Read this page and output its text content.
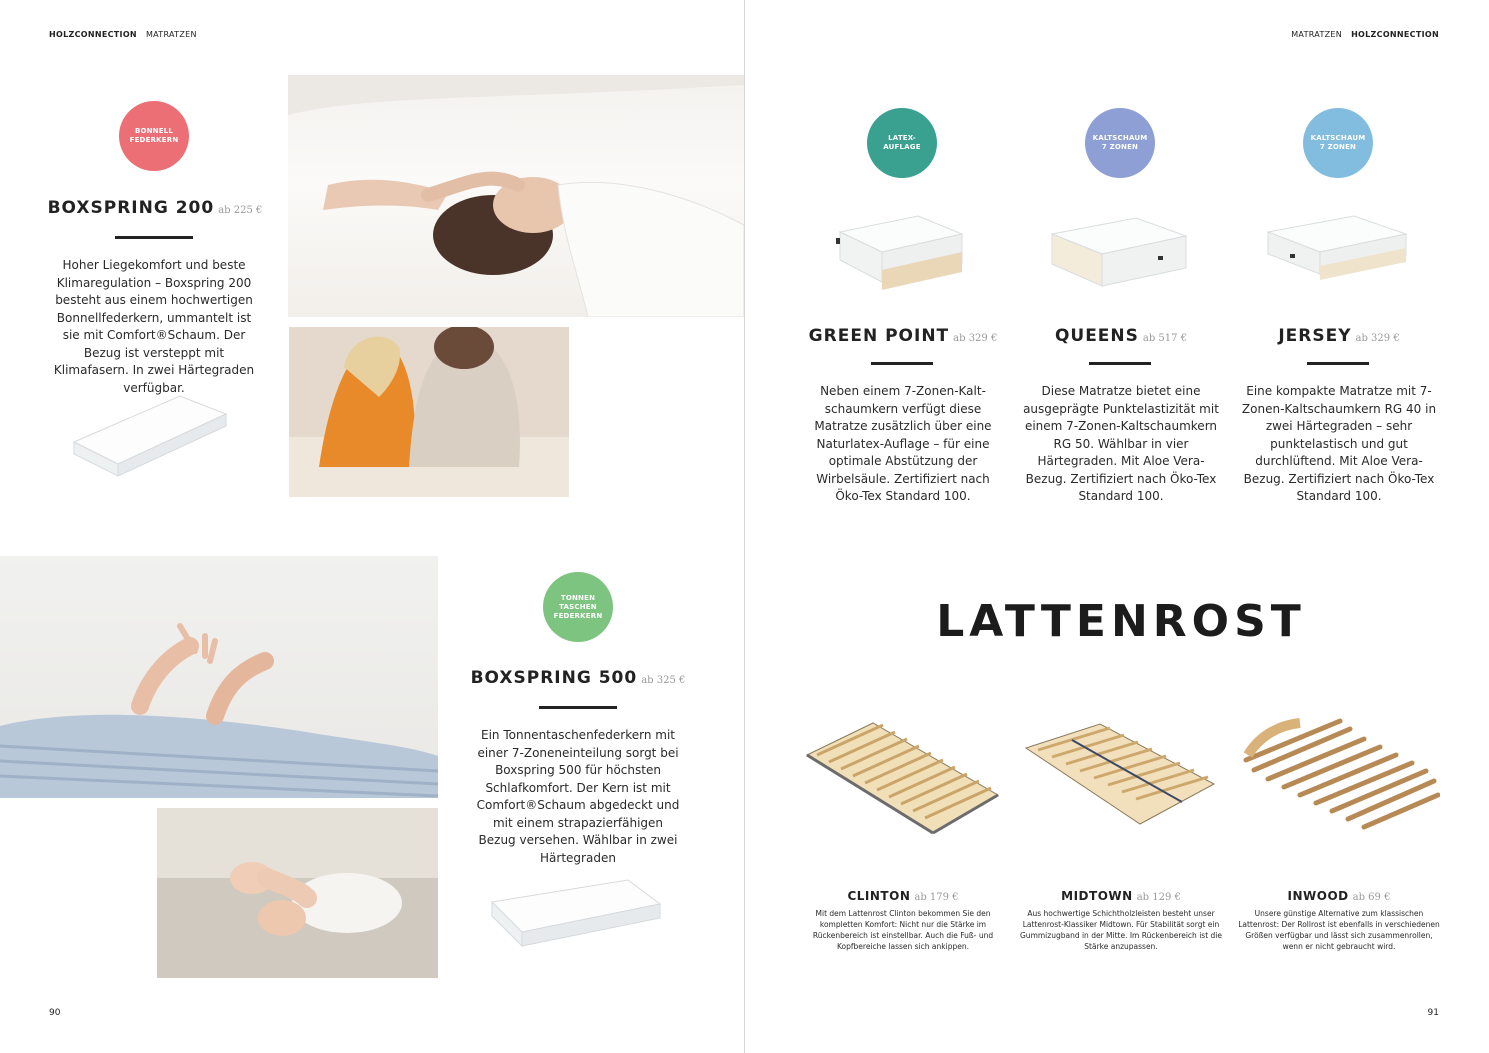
HOLZCONNECTION MATRATZEN
BONNELL
FEDERKERN
BOXSPRING 200 ab 225 €
Hoher Liegekomfort und beste Klimaregulation – Boxspring 200 besteht aus einem hochwertigen Bonnellfederkern, ummantelt ist sie mit Comfort®Schaum. Der Bezug ist versteppt mit Klimafasern. In zwei Härtegraden verfügbar.
TONNEN
TASCHEN
FEDERKERN
BOXSPRING 500 ab 325 €
Ein Tonnentaschenfederkern mit einer 7-Zoneneinteilung sorgt bei Boxspring 500 für höchsten Schlafkomfort. Der Kern ist mit Comfort®Schaum abgedeckt und mit einem strapazierfähigen Bezug versehen. Wählbar in zwei Härtegraden
90
MATRATZEN HOLZCONNECTION
LATEX-
AUFLAGE
KALTSCHAUM
7 ZONEN
KALTSCHAUM
7 ZONEN
GREEN POINT ab 329 €	QUEENS ab 517 €	JERSEY ab 329 €
Neben einem 7-Zonen-Kalt-schaumkern verfügt diese Matratze zusätzlich über eine Naturlatex-Auflage – für eine optimale Abstützung der Wirbelsäule. Zertifiziert nach Öko-Tex Standard 100.
Diese Matratze bietet eine ausgeprägte Punktelastizität mit einem 7-Zonen-Kaltschaumkern RG 50. Wählbar in vier Härtegraden. Mit Aloe Vera-Bezug. Zertifiziert nach Öko-Tex Standard 100.
Eine kompakte Matratze mit 7-Zonen-Kaltschaumkern RG 40 in zwei Härtegraden – sehr punktelastisch und gut durchlüftend. Mit Aloe Vera-Bezug. Zertifiziert nach Öko-Tex Standard 100.
LATTENROST
CLINTON ab 179 €	MIDTOWN ab 129 €	INWOOD ab 69 €
Mit dem Lattenrost Clinton bekommen Sie den kompletten Komfort: Nicht nur die Stärke im Rückenbereich ist einstellbar. Auch die Fuß- und Kopfbereiche lassen sich ankippen.
Aus hochwertige Schichtholzleisten besteht unser Lattenrost-Klassiker Midtown. Für Stabilität sorgt ein Gummizugband in der Mitte. Im Rückenbereich ist die Stärke anzupassen.
Unsere günstige Alternative zum klassischen Lattenrost: Der Rollrost ist ebenfalls in verschiedenen Größen verfügbar und lässt sich zusammenrollen, wenn er nicht gebraucht wird.
91
